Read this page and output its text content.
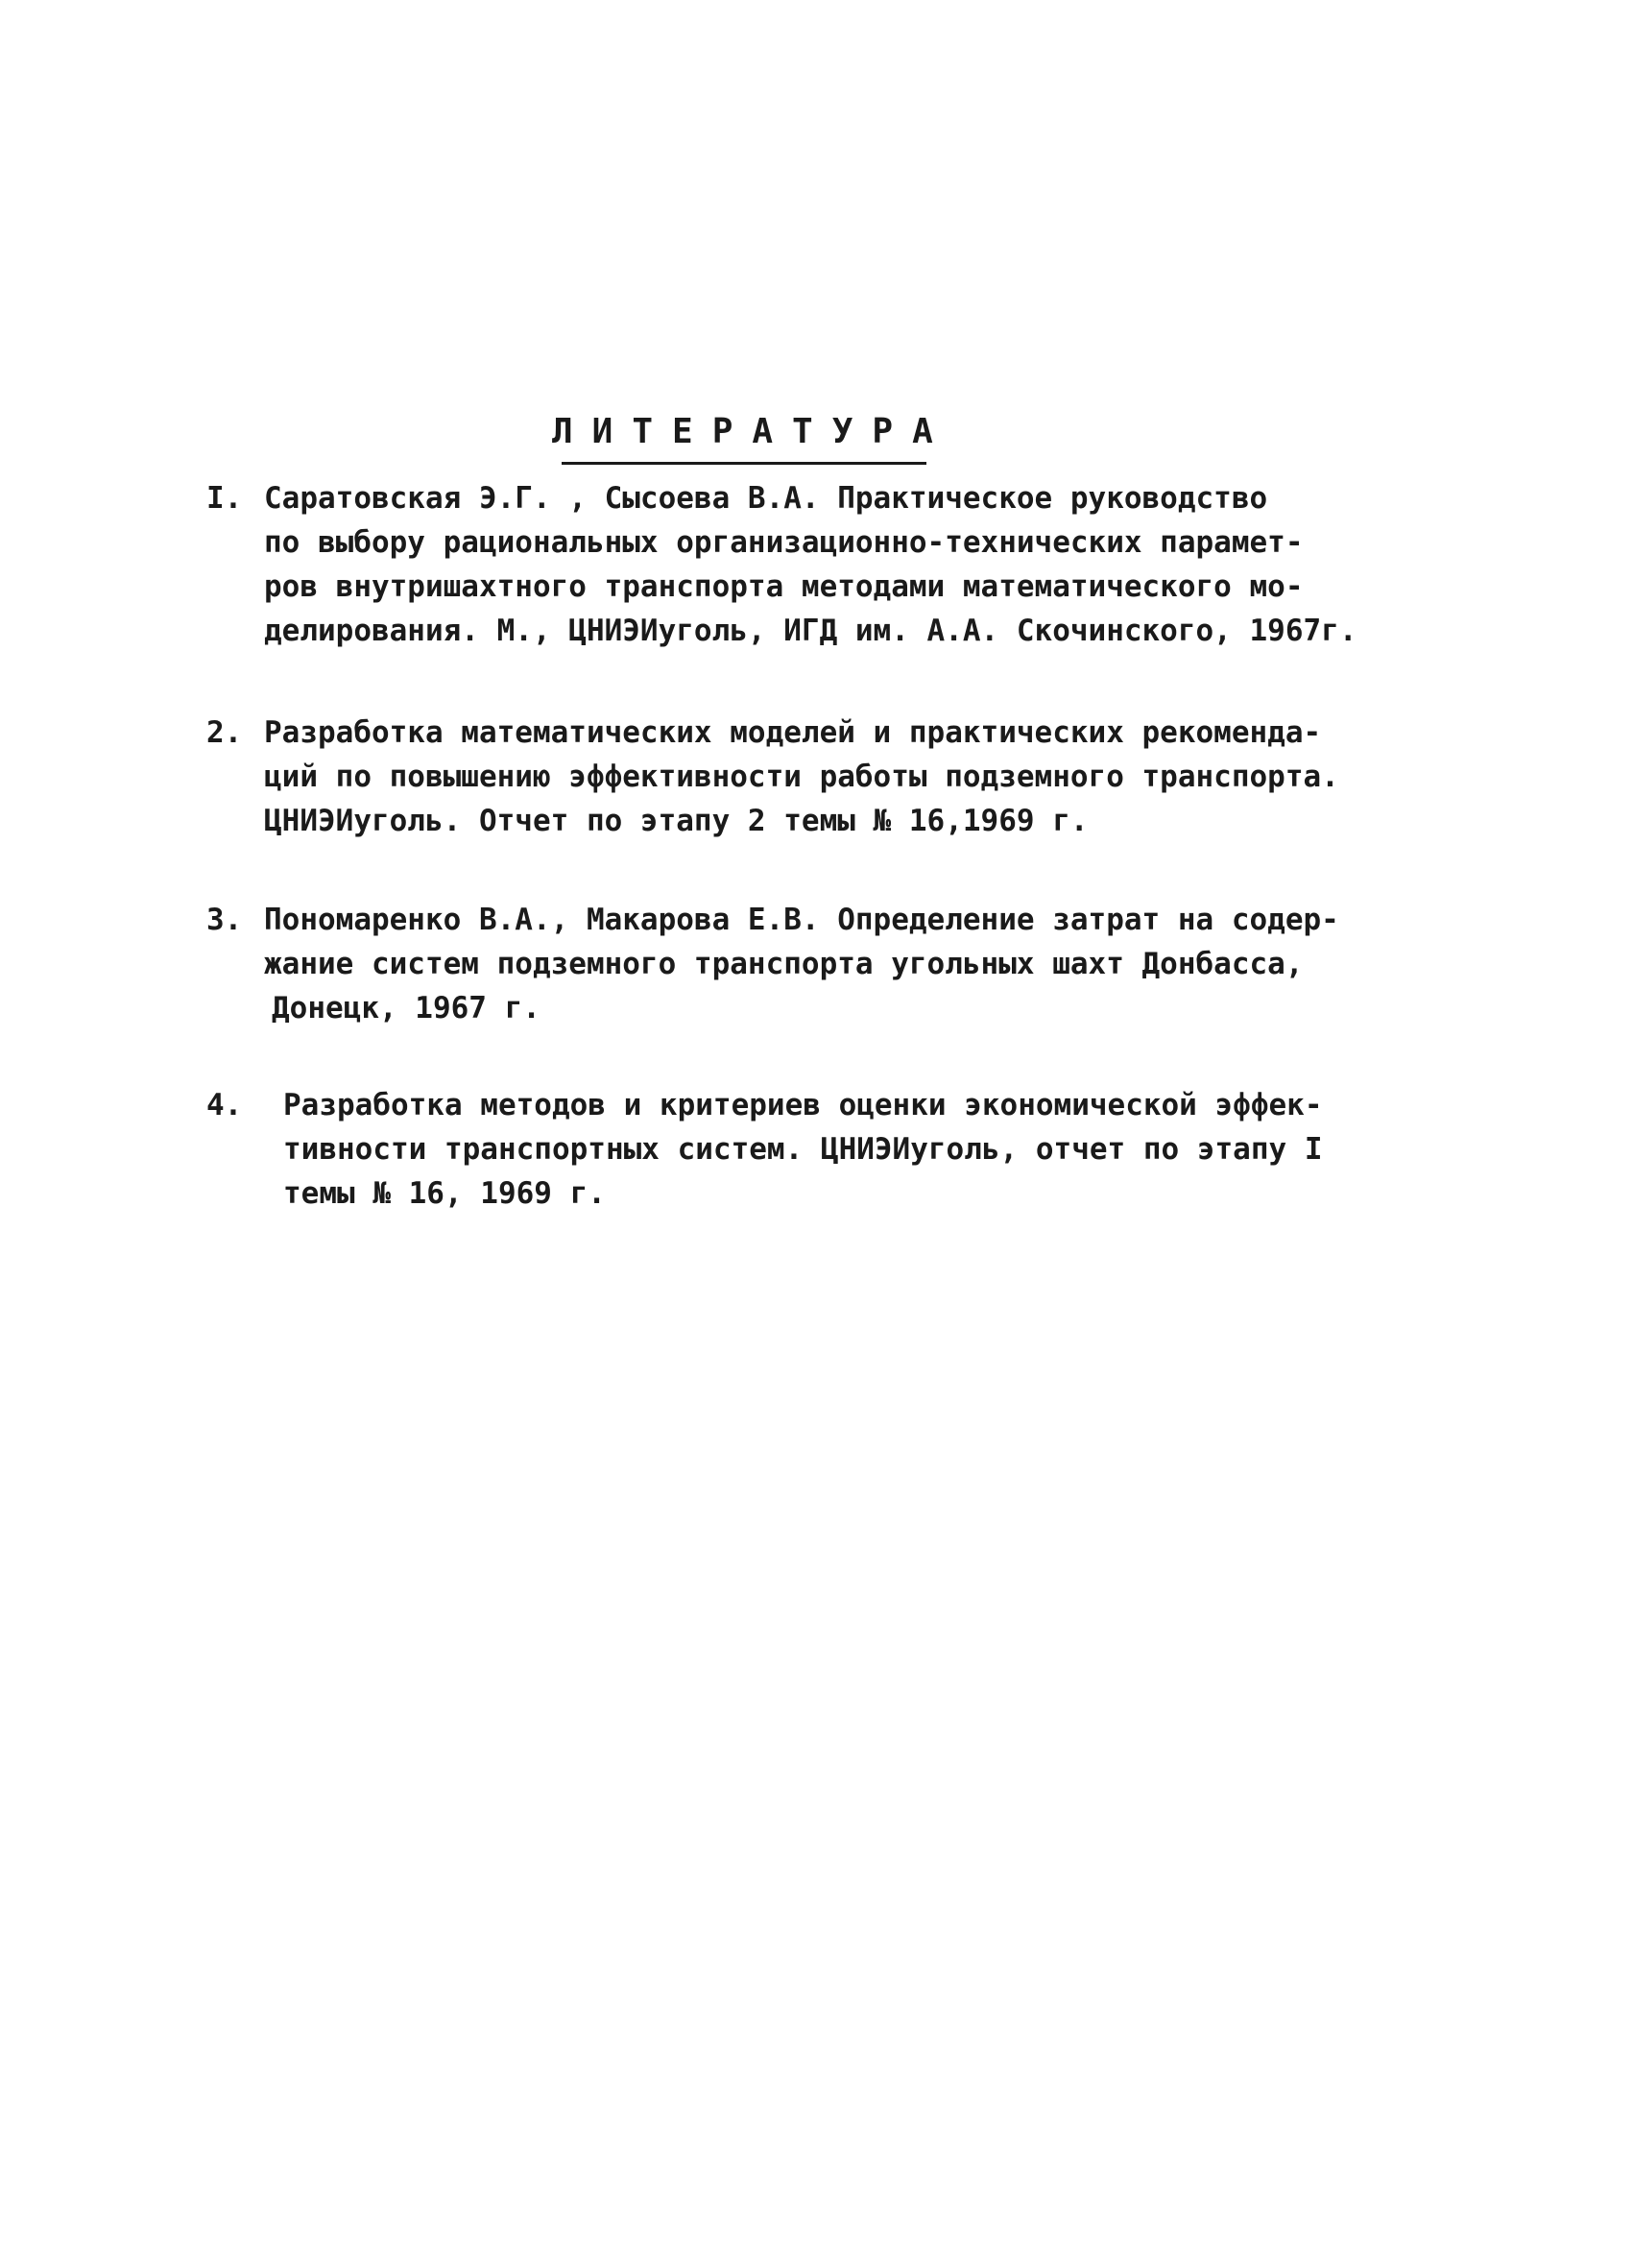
ЛИТЕРАТУРА
I. Саратовская Э.Г. , Сысоева В.А. Практическое руководство
по выбору рациональных организационно-технических парамет-
ров внутришахтного транспорта методами математического мо-
делирования. М., ЦНИЭИуголь, ИГД им. А.А. Скочинского, 1967г.
2. Разработка математических моделей и практических рекоменда-
ций по повышению эффективности работы подземного транспорта.
ЦНИЭИуголь. Отчет по этапу 2 темы № 16,1969 г.
3. Пономаренко В.А., Макарова Е.В. Определение затрат на содер-
жание систем подземного транспорта угольных шахт Донбасса,
Донецк, 1967 г.
4. Разработка методов и критериев оценки экономической эффек-
тивности транспортных систем. ЦНИЭИуголь, отчет по этапу I
темы № 16, 1969 г.
